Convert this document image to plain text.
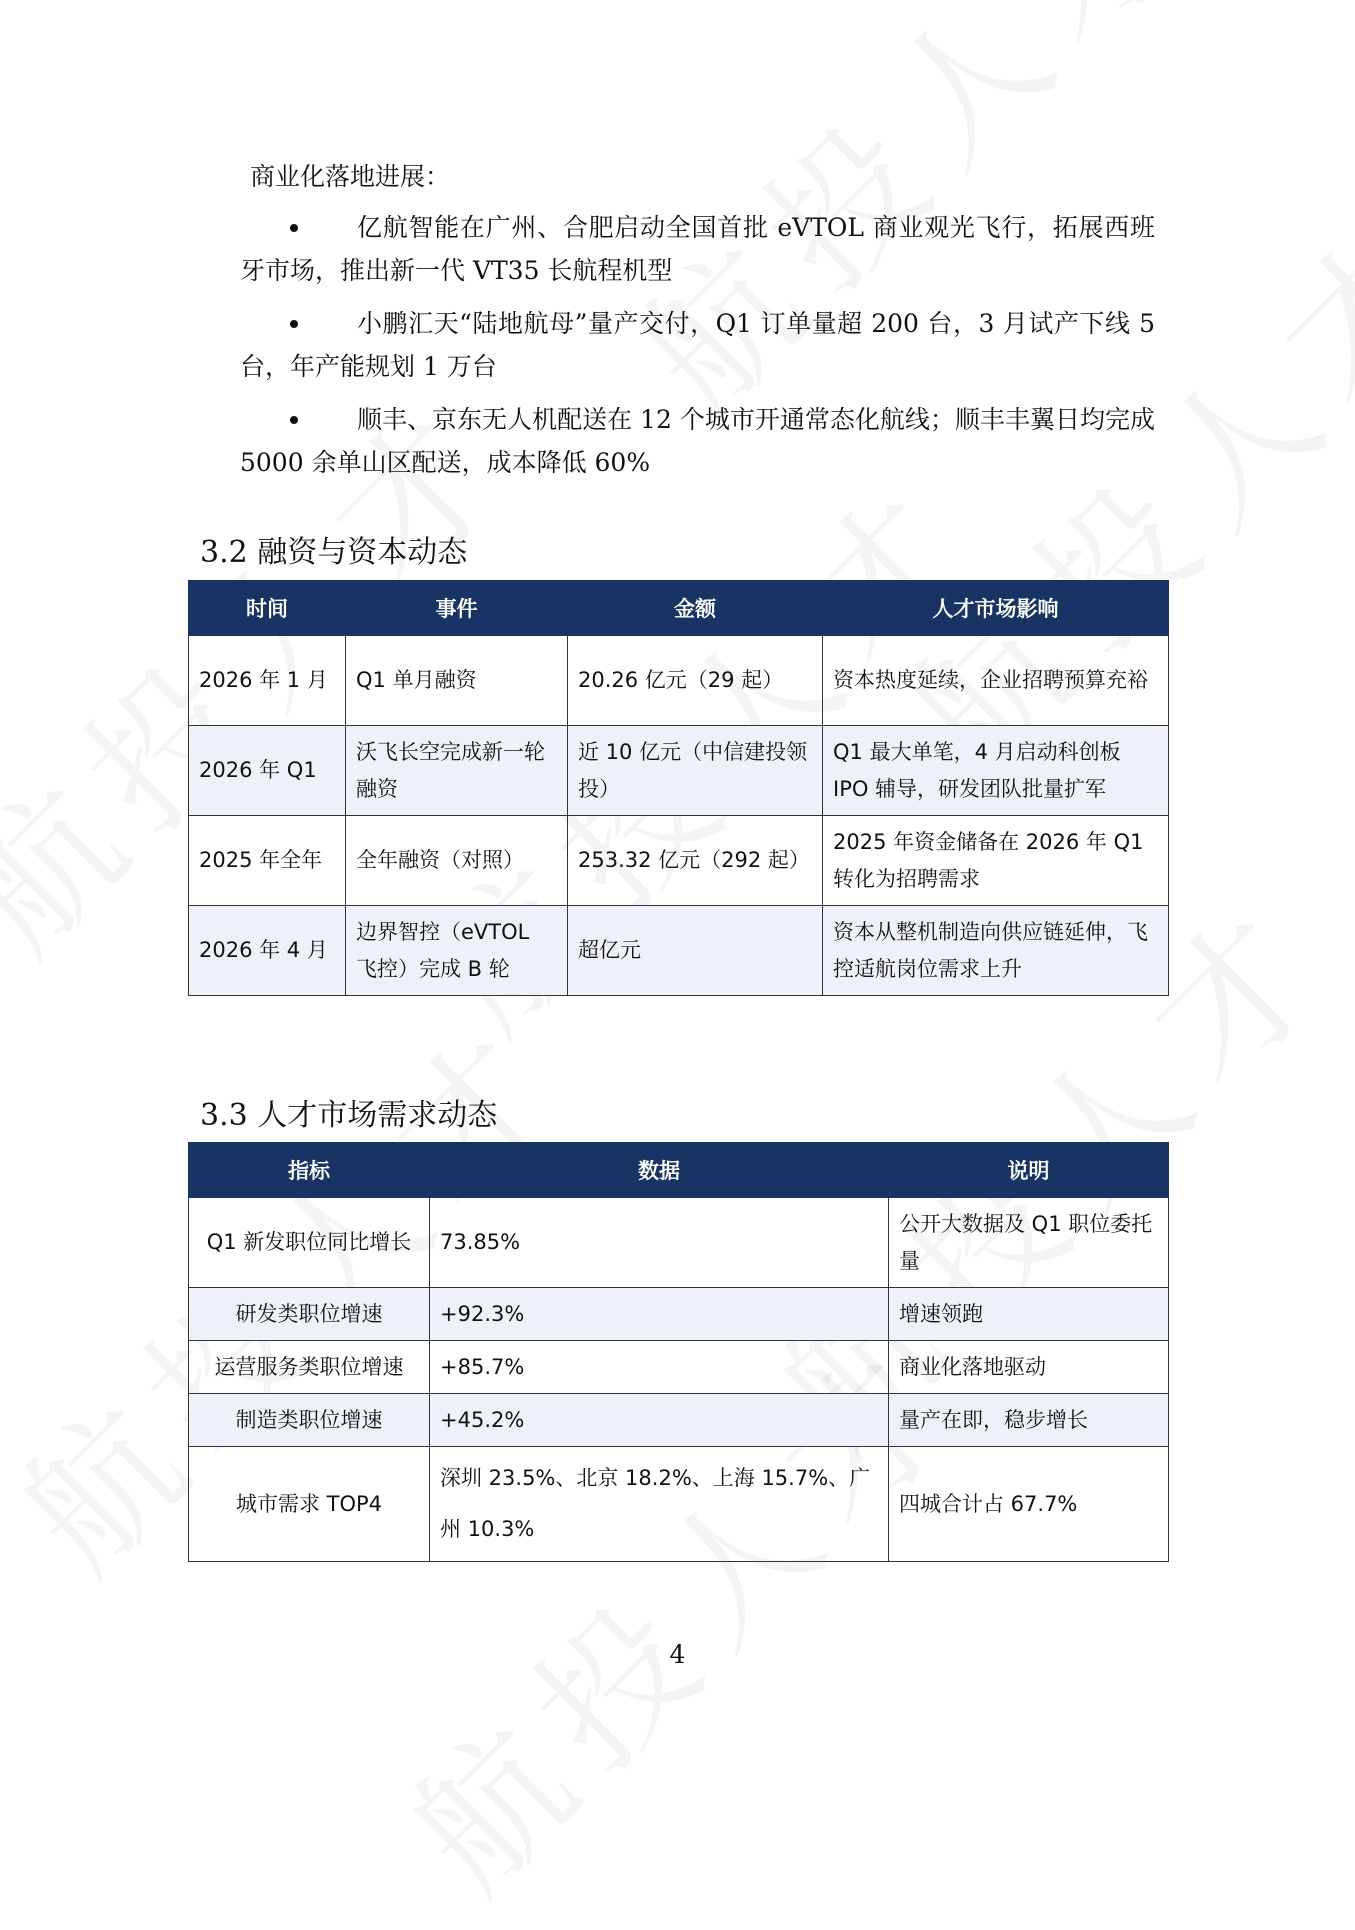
商业化落地进展：
亿航智能在广州、合肥启动全国首批 eVTOL 商业观光飞行，拓展西班牙市场，推出新一代 VT35 长航程机型
小鹏汇天“陆地航母”量产交付，Q1 订单量超 200 台，3 月试产下线 5 台，年产能规划 1 万台
顺丰、京东无人机配送在 12 个城市开通常态化航线；顺丰丰翼日均完成 5000 余单山区配送，成本降低 60%
3.2 融资与资本动态
时间	事件	金额	人才市场影响
2026 年 1 月	Q1 单月融资	20.26 亿元（29 起）	资本热度延续，企业招聘预算充裕
2026 年 Q1	沃飞长空完成新一轮融资	近 10 亿元（中信建投领投）	Q1 最大单笔，4 月启动科创板 IPO 辅导，研发团队批量扩军
2025 年全年	全年融资（对照）	253.32 亿元（292 起）	2025 年资金储备在 2026 年 Q1 转化为招聘需求
2026 年 4 月	边界智控（eVTOL 飞控）完成 B 轮	超亿元	资本从整机制造向供应链延伸，飞控适航岗位需求上升
3.3 人才市场需求动态
指标	数据	说明
Q1 新发职位同比增长	73.85%	公开大数据及 Q1 职位委托量
研发类职位增速	+92.3%	增速领跑
运营服务类职位增速	+85.7%	商业化落地驱动
制造类职位增速	+45.2%	量产在即，稳步增长
城市需求 TOP4	深圳 23.5%、北京 18.2%、上海 15.7%、广州 10.3%	四城合计占 67.7%
4
